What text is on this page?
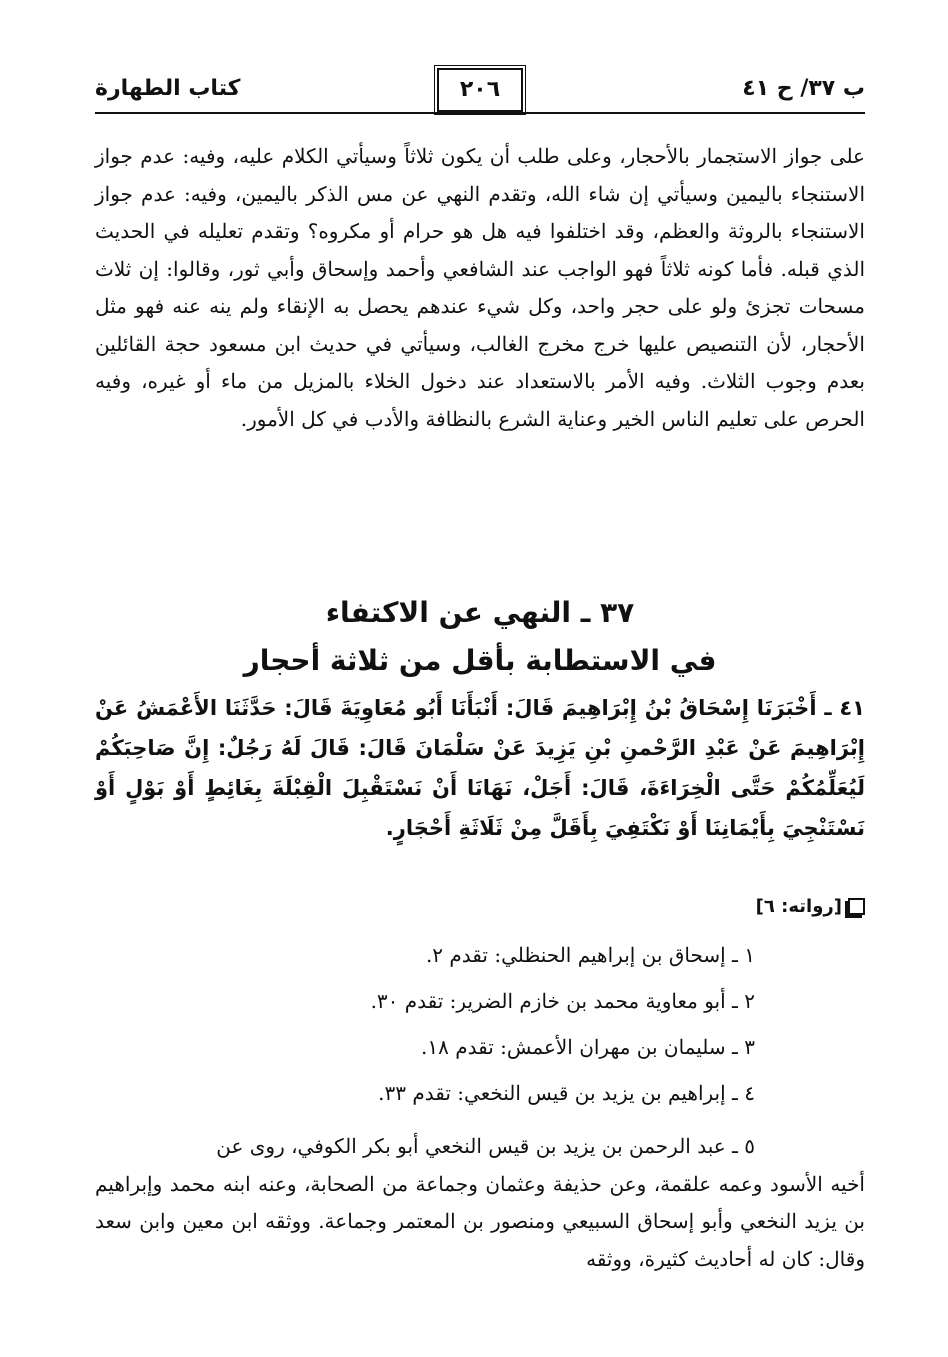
ب ٣٧/ ح ٤١
٢٠٦
كتاب الطهارة
على جواز الاستجمار بالأحجار، وعلى طلب أن يكون ثلاثاً وسيأتي الكلام عليه، وفيه: عدم جواز الاستنجاء باليمين وسيأتي إن شاء الله، وتقدم النهي عن مس الذكر باليمين، وفيه: عدم جواز الاستنجاء بالروثة والعظم، وقد اختلفوا فيه هل هو حرام أو مكروه؟ وتقدم تعليله في الحديث الذي قبله. فأما كونه ثلاثاً فهو الواجب عند الشافعي وأحمد وإسحاق وأبي ثور، وقالوا: إن ثلاث مسحات تجزئ ولو على حجر واحد، وكل شيء عندهم يحصل به الإنقاء ولم ينه عنه فهو مثل الأحجار، لأن التنصيص عليها خرج مخرج الغالب، وسيأتي في حديث ابن مسعود حجة القائلين بعدم وجوب الثلاث. وفيه الأمر بالاستعداد عند دخول الخلاء بالمزيل من ماء أو غيره، وفيه الحرص على تعليم الناس الخير وعناية الشرع بالنظافة والأدب في كل الأمور.
٣٧ ـ النهي عن الاكتفاء
في الاستطابة بأقل من ثلاثة أحجار
٤١ ـ أَخْبَرَنَا إِسْحَاقُ بْنُ إِبْرَاهِيمَ قَالَ: أَنْبَأَنَا أَبُو مُعَاوِيَةَ قَالَ: حَدَّثَنَا الأَعْمَشُ عَنْ إِبْرَاهِيمَ عَنْ عَبْدِ الرَّحْمنِ بْنِ يَزِيدَ عَنْ سَلْمَانَ قَالَ: قَالَ لَهُ رَجُلٌ: إِنَّ صَاحِبَكُمْ لَيُعَلِّمُكُمْ حَتَّى الْخِرَاءَةَ، قَالَ: أَجَلْ، نَهَانَا أَنْ نَسْتَقْبِلَ الْقِبْلَةَ بِغَائِطٍ أَوْ بَوْلٍ أَوْ نَسْتَنْجِيَ بِأَيْمَانِنَا أَوْ نَكْتَفِيَ بِأَقَلَّ مِنْ ثَلَاثَةِ أَحْجَارٍ.
[رواته: ٦]
١ ـ إسحاق بن إبراهيم الحنظلي: تقدم ٢.
٢ ـ أبو معاوية محمد بن خازم الضرير: تقدم ٣٠.
٣ ـ سليمان بن مهران الأعمش: تقدم ١٨.
٤ ـ إبراهيم بن يزيد بن قيس النخعي: تقدم ٣٣.
٥ ـ عبد الرحمن بن يزيد بن قيس النخعي أبو بكر الكوفي، روى عن
أخيه الأسود وعمه علقمة، وعن حذيفة وعثمان وجماعة من الصحابة، وعنه ابنه محمد وإبراهيم بن يزيد النخعي وأبو إسحاق السبيعي ومنصور بن المعتمر وجماعة. ووثقه ابن معين وابن سعد وقال: كان له أحاديث كثيرة، ووثقه
